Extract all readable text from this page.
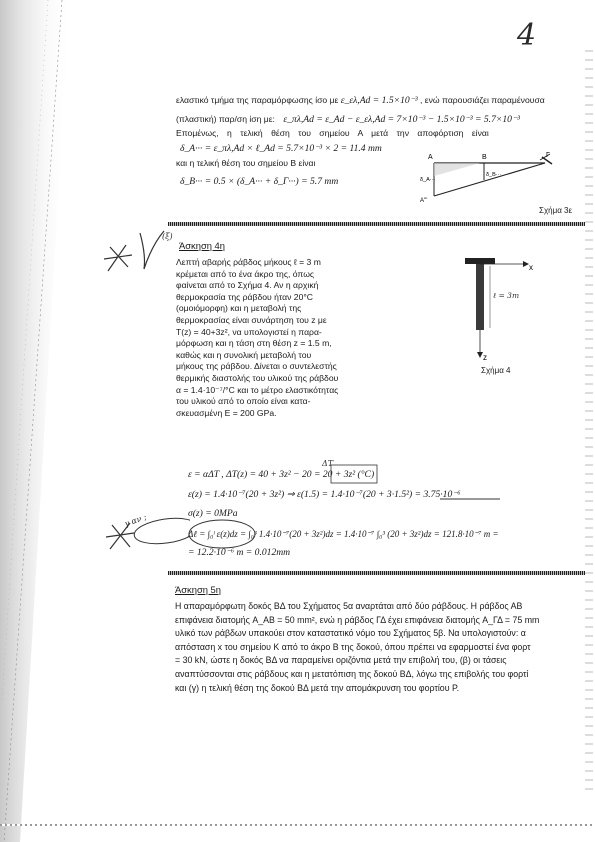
4
ελαστικό τμήμα της παραμόρφωσης ίσο με ε_ελ,Αd = 1.5×10⁻³ , ενώ παρουσιάζει παραμένουσα
(πλαστική) παρ/ση ίση με: ε_πλ,Αd = ε_Αd − ε_ελ,Αd = 7×10⁻³ − 1.5×10⁻³ = 5.7×10⁻³
Επομένως, η τελική θέση του σημείου Α μετά την αποφόρτιση είναι
δ_A··· = ε_πλ,Αd × ℓ_Αd = 5.7×10⁻³ × 2 = 11.4 mm
και η τελική θέση του σημείου Β είναι
δ_B··· = 0.5 × (δ_A··· + δ_Γ···) = 5.7 mm
A	B	Γ
δ_A···
δ_B···
A'''
Σχήμα 3ε
Άσκηση 4η
Λεπτή αβαρής ράβδος μήκους ℓ = 3 m
κρέμεται από το ένα άκρο της, όπως
φαίνεται από το Σχήμα 4. Αν η αρχική
θερμοκρασία της ράβδου ήταν 20°C
(ομοιόμορφη) και η μεταβολή της
θερμοκρασίας είναι συνάρτηση του z με
T(z) = 40+3z², να υπολογιστεί η παρα-
μόρφωση και η τάση στη θέση z = 1.5 m,
καθώς και η συνολική μεταβολή του
μήκους της ράβδου. Δίνεται ο συντελεστής
θερμικής διαστολής του υλικού της ράβδου
α = 1.4·10⁻⁷/°C και το μέτρο ελαστικότητας
του υλικού από το οποίο είναι κατα-
σκευασμένη E = 200 GPa.
x
z
ℓ = 3m
Σχήμα 4
ΔT
ε = αΔT , ΔT(z) = 40 + 3z² − 20 = 20 + 3z² (°C)
ε(z) = 1.4·10⁻⁷(20 + 3z²) ⇒ ε(1.5) = 1.4·10⁻⁷(20 + 3·1.5²) = 3.75·10⁻⁶
σ(z) = 0MPa
Δℓ = ∫₀ˡ ε(z)dz = ∫₀³ 1.4·10⁻⁷(20 + 3z²)dz = 1.4·10⁻⁷ ∫₀³ (20 + 3z²)dz = 121.8·10⁻⁷ m =
= 12.2·10⁻⁶ m = 0.012mm
γ αν ;
(ξ)
Άσκηση 5η
Η απαραμόρφωτη δοκός ΒΔ του Σχήματος 5α αναρτάται από δύο ράβδους. Η ράβδος ΑΒ
επιφάνεια διατομής A_AB = 50 mm², ενώ η ράβδος ΓΔ έχει επιφάνεια διατομής A_ΓΔ = 75 mm
υλικό των ράβδων υπακούει στον καταστατικό νόμο του Σχήματος 5β. Να υπολογιστούν: α
απόσταση x του σημείου Κ από το άκρο Β της δοκού, όπου πρέπει να εφαρμοστεί ένα φορτ
= 30 kN, ώστε η δοκός ΒΔ να παραμείνει οριζόντια μετά την επιβολή του, (β) οι τάσεις
αναπτύσσονται στις ράβδους και η μετατόπιση της δοκού ΒΔ, λόγω της επιβολής του φορτί
και (γ) η τελική θέση της δοκού ΒΔ μετά την απομάκρυνση του φορτίου P.
